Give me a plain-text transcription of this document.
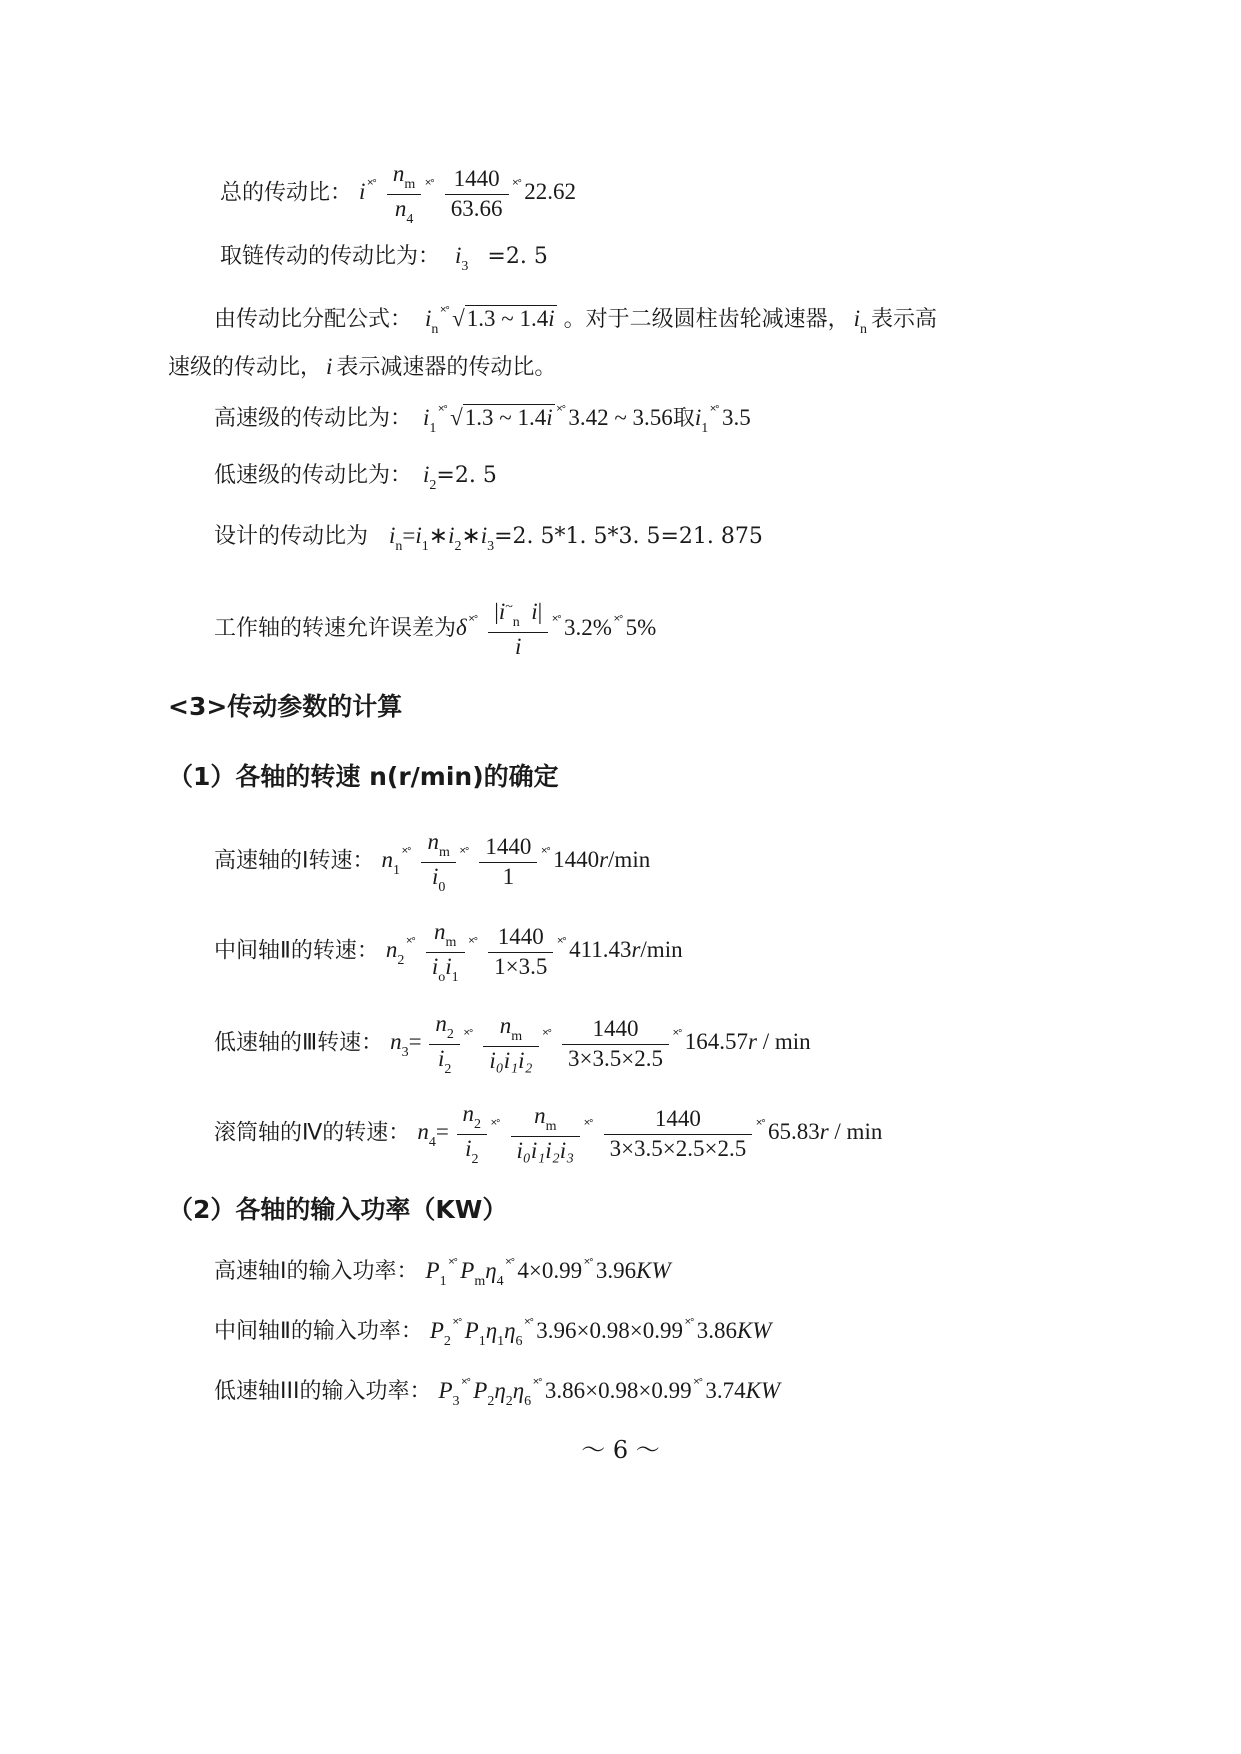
总的传动比： i $^{˟˚} \frac{n_m}{n_4} ^{˟˚} \frac{1440}{63.66} ^{˟˚}$ 22.62
取链传动的传动比为： $i_3 =2$. 5
由传动比分配公式： $i_n^{˟˚}$ √1.3 ~ 1.4i 。对于二级圆柱齿轮减速器， $i_n$ 表示高
速级的传动比， i 表示减速器的传动比。
高速级的传动比为： $i_1^{˟˚}$ √1.3 ~ 1.4i ˟˚ 3.42 ~ 3.56取$i_1^{˟˚}$ 3.5
低速级的传动比为： $i_2=2$. 5
设计的传动比为 $i_n=i_1∗i_2∗i_3=2$. 5*1. 5*3. 5=21. 875
工作轴的转速允许误差为δ $^{˟˚} \frac{|i^\sim_n i|}{i} ^{˟˚}$ 3.2% ˟˚ 5%
<3>传动参数的计算
（1）各轴的转速 n(r/min)的确定
高速轴的Ⅰ转速： $n_1^{˟˚} \frac{n_m}{i_0} ^{˟˚} \frac{1440}{1} ^{˟˚}$ 1440r/min
中间轴Ⅱ的转速： $n_2^{˟˚} \frac{n_m}{i_oi_1} ^{˟˚} \frac{1440}{1\times 3.5} ^{˟˚}$ 411.43r/min
低速轴的Ⅲ转速： $n_3= \frac{n_2}{i_2} ^{˟˚} \frac{n_m}{\text{i₀i₁i₂}} ^{˟˚} \frac{1440}{3\times 3.5\times 2.5} ^{˟˚}$ 164.57r / min
滚筒轴的Ⅳ的转速： $n_4= \frac{n_2}{i_2} ^{˟˚} \frac{n_m}{\text{i₀i₁i₂i₃}} ^{˟˚} \frac{1440}{3\times 3.5\times 2.5\times 2.5} ^{˟˚}$ 65.83r / min
（2）各轴的输入功率（KW）
高速轴Ⅰ的输入功率： $P_1^{˟˚}$ $P_m\eta_4^{˟˚}$ 4×0.99 ˟˚ 3.96KW
中间轴Ⅱ的输入功率： $P_2^{˟˚}$ $P_1\eta_1\eta_6^{˟˚}$ 3.96×0.98×0.99 ˟˚ 3.86KW
低速轴III的输入功率： $P_3^{˟˚}$ $P_2\eta_2\eta_6^{˟˚}$ 3.86×0.98×0.99 ˟˚ 3.74KW
～ 6 ～
